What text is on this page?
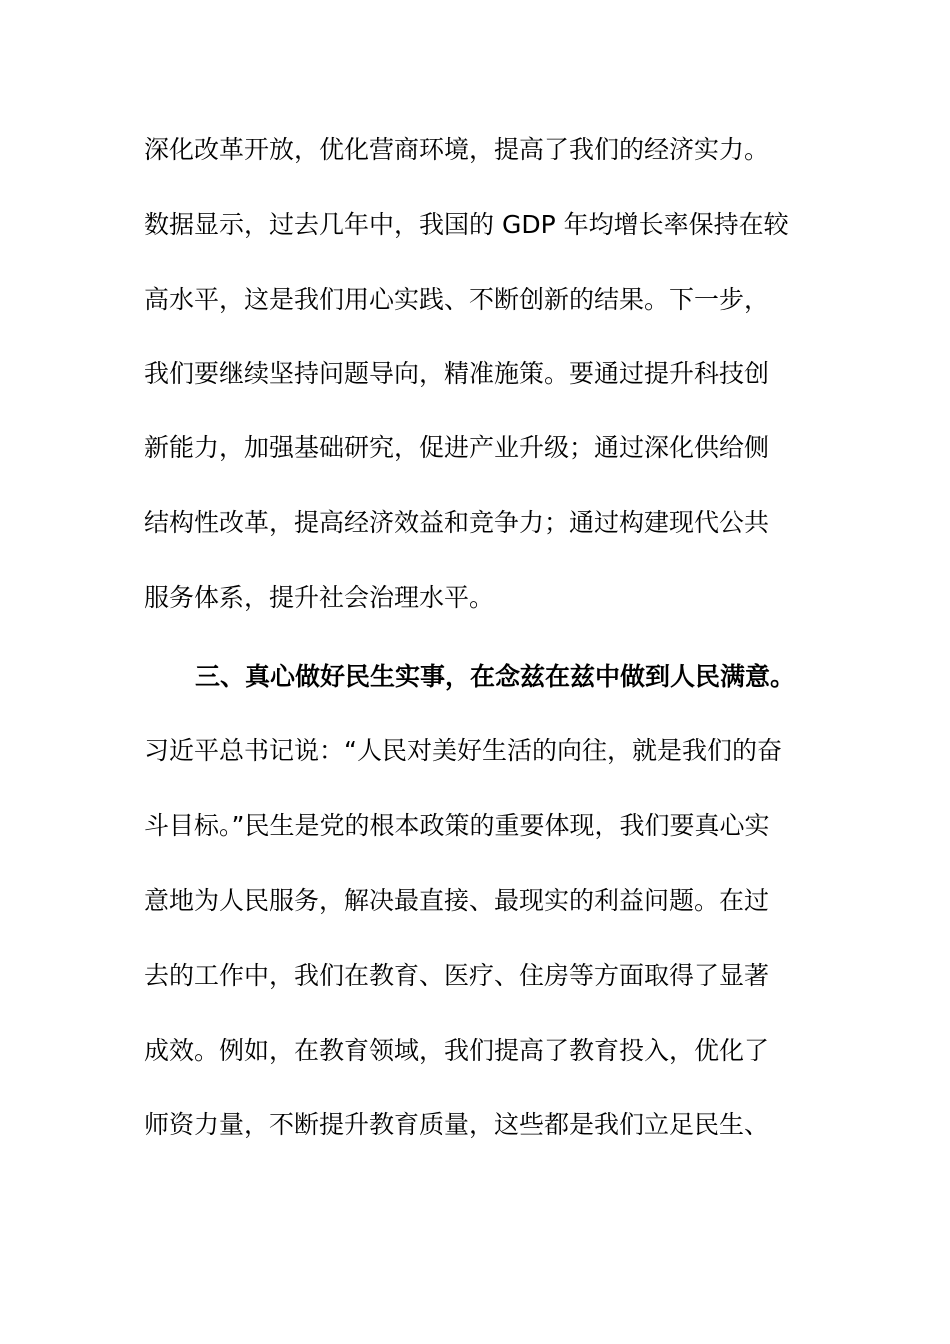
深化改革开放，优化营商环境，提高了我们的经济实力。
数据显示，过去几年中，我国的 GDP 年均增长率保持在较
高水平，这是我们用心实践、不断创新的结果。下一步，
我们要继续坚持问题导向，精准施策。要通过提升科技创
新能力，加强基础研究，促进产业升级；通过深化供给侧
结构性改革，提高经济效益和竞争力；通过构建现代公共
服务体系，提升社会治理水平。
三、真心做好民生实事，在念兹在兹中做到人民满意。
习近平总书记说：“人民对美好生活的向往，就是我们的奋
斗目标。”民生是党的根本政策的重要体现，我们要真心实
意地为人民服务，解决最直接、最现实的利益问题。在过
去的工作中，我们在教育、医疗、住房等方面取得了显著
成效。例如，在教育领域，我们提高了教育投入，优化了
师资力量，不断提升教育质量，这些都是我们立足民生、
